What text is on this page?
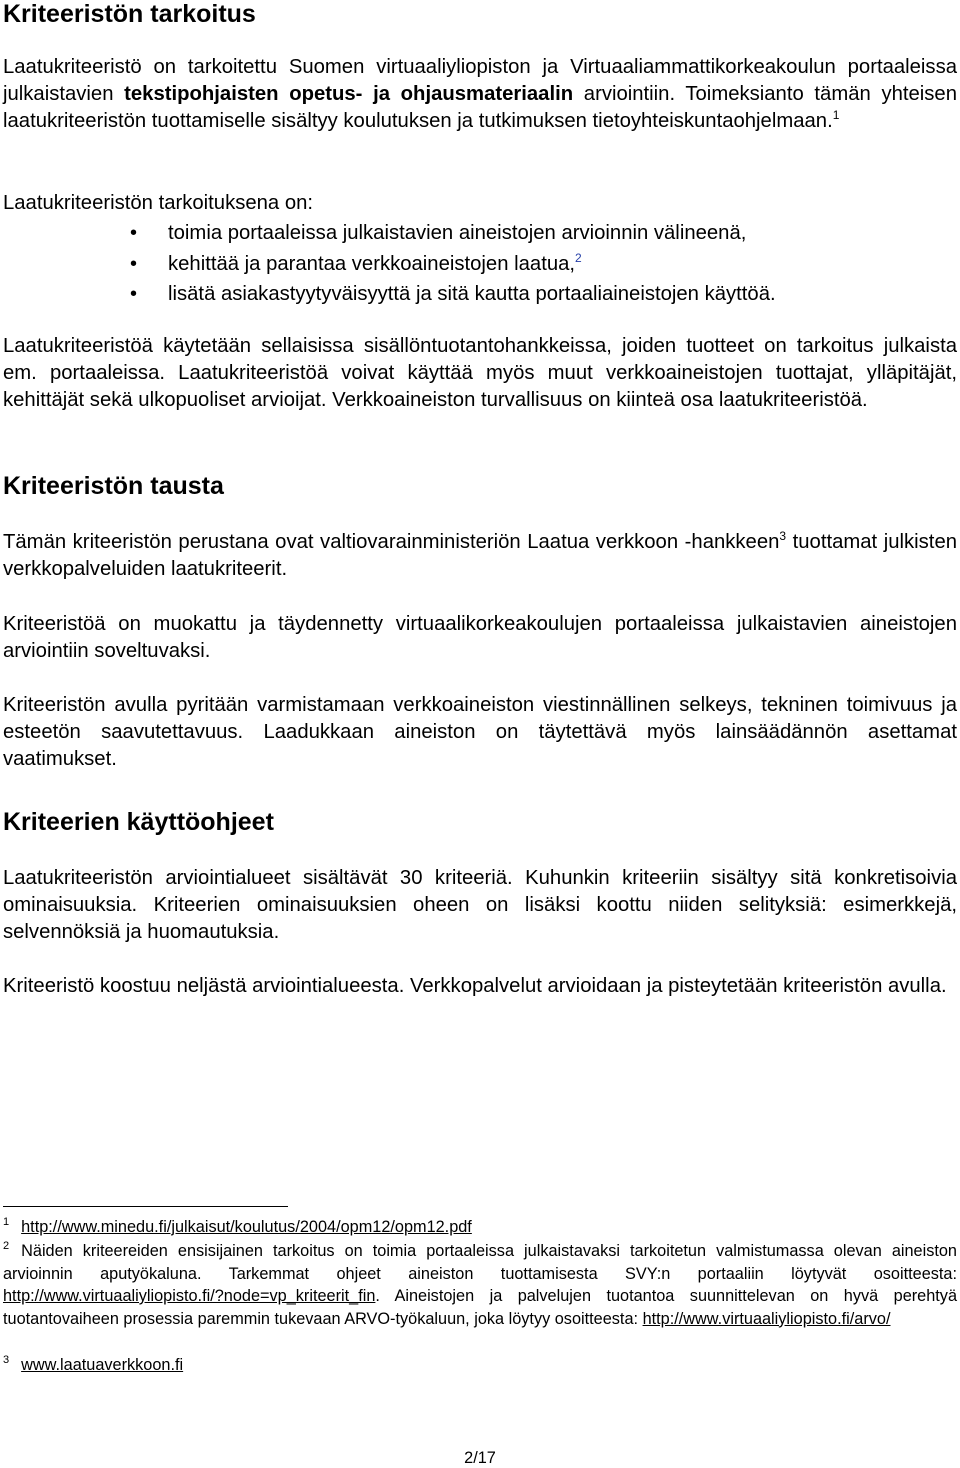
Kriteeristön tarkoitus
Laatukriteeristö on tarkoitettu Suomen virtuaaliyliopiston ja Virtuaaliammattikorkeakoulun portaaleissa julkaistavien tekstipohjaisten opetus- ja ohjausmateriaalin arviointiin. Toimeksianto tämän yhteisen laatukriteeristön tuottamiselle sisältyy koulutuksen ja tutkimuksen tietoyhteiskuntaohjelmaan.$^1$
Laatukriteeristön tarkoituksena on:
• toimia portaaleissa julkaistavien aineistojen arvioinnin välineenä,
• kehittää ja parantaa verkkoaineistojen laatua,$^2$
• lisätä asiakastyytyväisyyttä ja sitä kautta portaaliaineistojen käyttöä.
Laatukriteeristöä käytetään sellaisissa sisällöntuotantohankkeissa, joiden tuotteet on tarkoitus julkaista em. portaaleissa. Laatukriteeristöä voivat käyttää myös muut verkkoaineistojen tuottajat, ylläpitäjät, kehittäjät sekä ulkopuoliset arvioijat. Verkkoaineiston turvallisuus on kiinteä osa laatukriteeristöä.
Kriteeristön tausta
Tämän kriteeristön perustana ovat valtiovarainministeriön Laatua verkkoon -hankkeen$^3$ tuottamat julkisten verkkopalveluiden laatukriteerit.
Kriteeristöä on muokattu ja täydennetty virtuaalikorkeakoulujen portaaleissa julkaistavien aineistojen arviointiin soveltuvaksi.
Kriteeristön avulla pyritään varmistamaan verkkoaineiston viestinnällinen selkeys, tekninen toimivuus ja esteetön saavutettavuus. Laadukkaan aineiston on täytettävä myös lainsäädännön asettamat vaatimukset.
Kriteerien käyttöohjeet
Laatukriteeristön arviointialueet sisältävät 30 kriteeriä. Kuhunkin kriteeriin sisältyy sitä konkretisoivia ominaisuuksia. Kriteerien ominaisuuksien oheen on lisäksi koottu niiden selityksiä: esimerkkejä, selvennöksiä ja huomautuksia.
Kriteeristö koostuu neljästä arviointialueesta. Verkkopalvelut arvioidaan ja pisteytetään kriteeristön avulla.
$^1$ http://www.minedu.fi/julkaisut/koulutus/2004/opm12/opm12.pdf
$^2$ Näiden kriteereiden ensisijainen tarkoitus on toimia portaaleissa julkaistavaksi tarkoitetun valmistumassa olevan aineiston arvioinnin aputyökaluna. Tarkemmat ohjeet aineiston tuottamisesta SVY:n portaaliin löytyvät osoitteesta: http://www.virtuaaliyliopisto.fi/?node=vp_kriteerit_fin. Aineistojen ja palvelujen tuotantoa suunnittelevan on hyvä perehtyä tuotantovaiheen prosessia paremmin tukevaan ARVO-työkaluun, joka löytyy osoitteesta: http://www.virtuaaliyliopisto.fi/arvo/
$^3$ www.laatuaverkkoon.fi
2/17
